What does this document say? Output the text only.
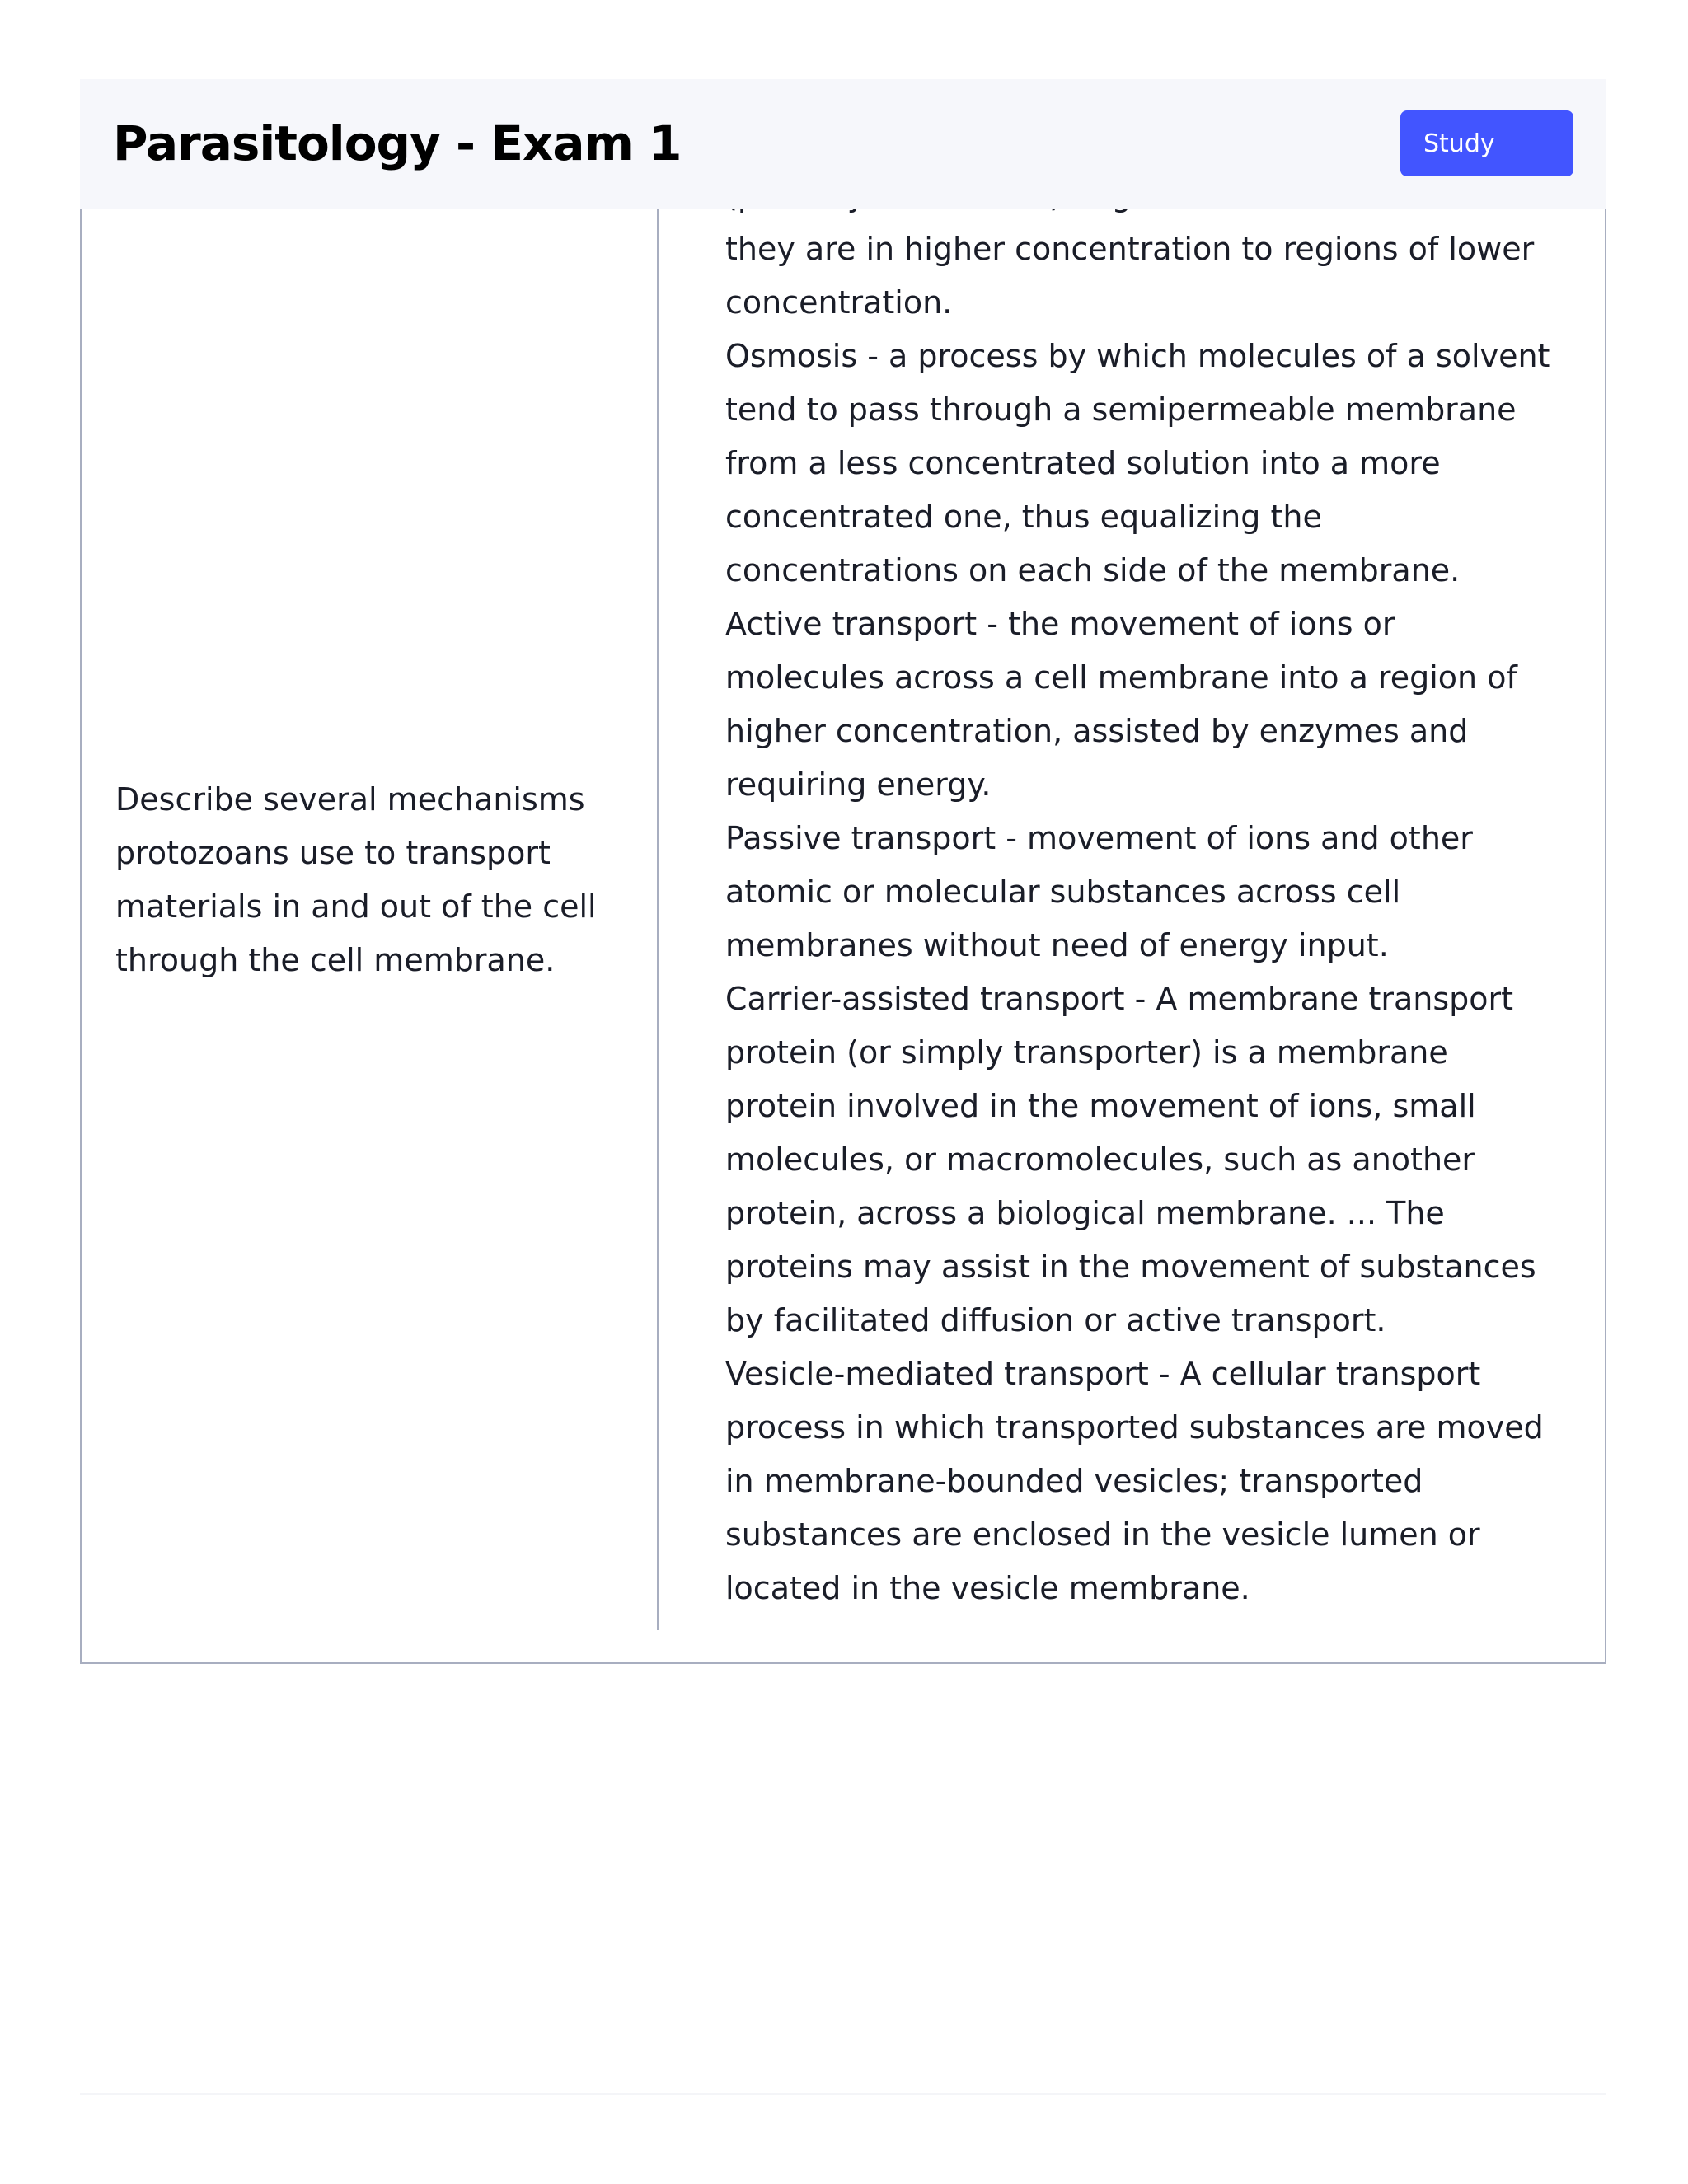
Describe several mechanisms protozoans use to transport materials in and out of the cell through the cell membrane.

they are in higher concentration to regions of lower concentration.
Osmosis - a process by which molecules of a solvent tend to pass through a semipermeable membrane from a less concentrated solution into a more concentrated one, thus equalizing the concentrations on each side of the membrane.
Active transport - the movement of ions or molecules across a cell membrane into a region of higher concentration, assisted by enzymes and requiring energy.
Passive transport - movement of ions and other atomic or molecular substances across cell membranes without need of energy input.
Carrier-assisted transport - A membrane transport protein (or simply transporter) is a membrane protein involved in the movement of ions, small molecules, or macromolecules, such as another protein, across a biological membrane. ... The proteins may assist in the movement of substances by facilitated diffusion or active transport.
Vesicle-mediated transport - A cellular transport process in which transported substances are moved in membrane-bounded vesicles; transported substances are enclosed in the vesicle lumen or located in the vesicle membrane.
Parasitology - Exam 1	Study
